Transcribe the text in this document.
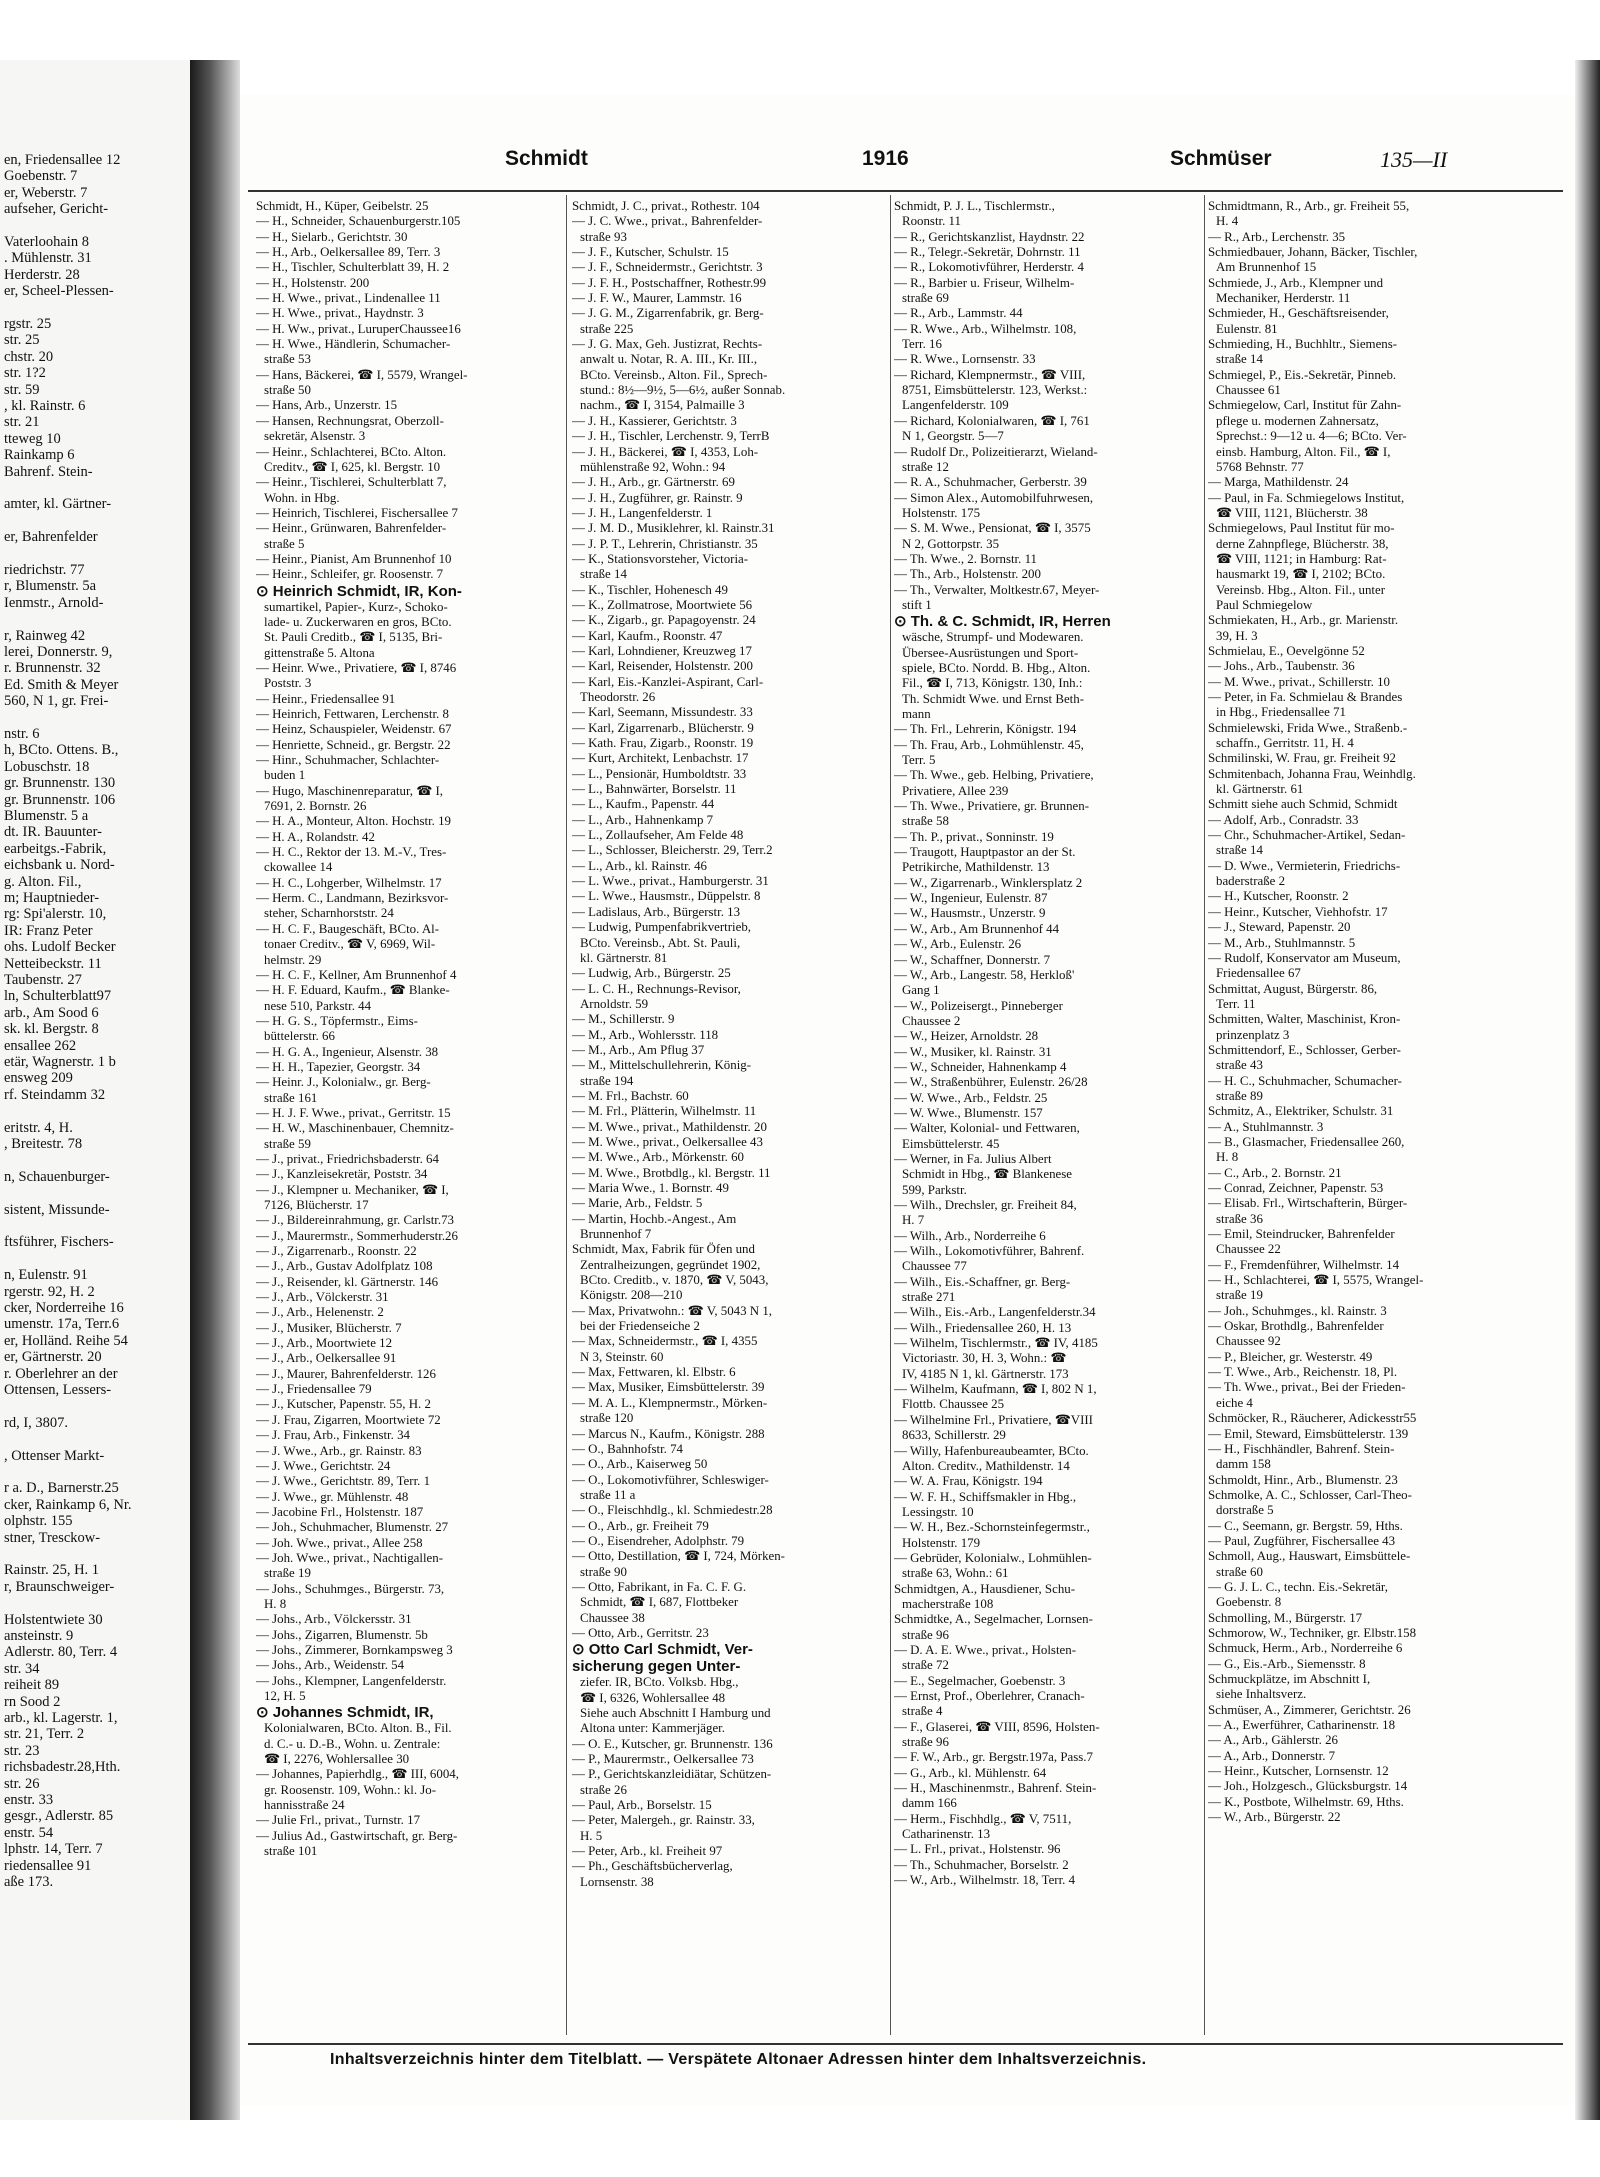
en, Friedensallee 12
Goebenstr. 7
er, Weberstr. 7
aufseher, Gericht-
Vaterloohain 8
. Mühlenstr. 31
Herderstr. 28
er, Scheel-Plessen-
rgstr. 25
str. 25
chstr. 20
str. 1?2
str. 59
, kl. Rainstr. 6
str. 21
tteweg 10
Rainkamp 6
Bahrenf. Stein-
amter, kl. Gärtner-
er, Bahrenfelder
riedrichstr. 77
r, Blumenstr. 5a
Ienmstr., Arnold-
r, Rainweg 42
lerei, Donnerstr. 9,
r. Brunnenstr. 32
Ed. Smith & Meyer
560, N 1, gr. Frei-
nstr. 6
h, BCto. Ottens. B.,
Lobuschstr. 18
gr. Brunnenstr. 130
gr. Brunnenstr. 106
Blumenstr. 5 a
dt. IR. Bauunter-
earbeitgs.-Fabrik,
eichsbank u. Nord-
g. Alton. Fil.,
m; Hauptnieder-
rg: Spi'alerstr. 10,
IR: Franz Peter
ohs. Ludolf Becker
Netteibeckstr. 11
Taubenstr. 27
ln, Schulterblatt97
arb., Am Sood 6
sk. kl. Bergstr. 8
ensallee 262
etär, Wagnerstr. 1 b
ensweg 209
rf. Steindamm 32
eritstr. 4, H.
, Breitestr. 78
n, Schauenburger-
sistent, Missunde-
ftsführer, Fischers-
n, Eulenstr. 91
rgerstr. 92, H. 2
cker, Norderreihe 16
umenstr. 17a, Terr.6
er, Holländ. Reihe 54
er, Gärtnerstr. 20
r. Oberlehrer an der
Ottensen, Lessers-
rd, I, 3807.
, Ottenser Markt-
r a. D., Barnerstr.25
cker, Rainkamp 6, Nr.
olphstr. 155
stner, Tresckow-
Rainstr. 25, H. 1
r, Braunschweiger-
Holstentwiete 30
ansteinstr. 9
Adlerstr. 80, Terr. 4
str. 34
reiheit 89
rn Sood 2
arb., kl. Lagerstr. 1,
str. 21, Terr. 2
str. 23
richsbadestr.28,Hth.
str. 26
enstr. 33
gesgr., Adlerstr. 85
enstr. 54
lphstr. 14, Terr. 7
riedensallee 91
aße 173.
Schmidt	1916	Schmüser	135—II
Schmidt, H., Küper, Geibelstr. 25
— H., Schneider, Schauenburgerstr.105
— H., Sielarb., Gerichtstr. 30
— H., Arb., Oelkersallee 89, Terr. 3
— H., Tischler, Schulterblatt 39, H. 2
— H., Holstenstr. 200
— H. Wwe., privat., Lindenallee 11
— H. Wwe., privat., Haydnstr. 3
— H. Ww., privat., LuruperChaussee16
— H. Wwe., Händlerin, Schumacher-
straße 53
— Hans, Bäckerei, ☎ I, 5579, Wrangel-
straße 50
— Hans, Arb., Unzerstr. 15
— Hansen, Rechnungsrat, Oberzoll-
sekretär, Alsenstr. 3
— Heinr., Schlachterei, BCto. Alton.
Creditv., ☎ I, 625, kl. Bergstr. 10
— Heinr., Tischlerei, Schulterblatt 7,
Wohn. in Hbg.
— Heinrich, Tischlerei, Fischersallee 7
— Heinr., Grünwaren, Bahrenfelder-
straße 5
— Heinr., Pianist, Am Brunnenhof 10
— Heinr., Schleifer, gr. Roosenstr. 7
⊙ Heinrich Schmidt, IR, Kon-
sumartikel, Papier-, Kurz-, Schoko-
lade- u. Zuckerwaren en gros, BCto.
St. Pauli Creditb., ☎ I, 5135, Bri-
gittenstraße 5. Altona
— Heinr. Wwe., Privatiere, ☎ I, 8746
Poststr. 3
— Heinr., Friedensallee 91
— Heinrich, Fettwaren, Lerchenstr. 8
— Heinz, Schauspieler, Weidenstr. 67
— Henriette, Schneid., gr. Bergstr. 22
— Hinr., Schuhmacher, Schlachter-
buden 1
— Hugo, Maschinenreparatur, ☎ I,
7691, 2. Bornstr. 26
— H. A., Monteur, Alton. Hochstr. 19
— H. A., Rolandstr. 42
— H. C., Rektor der 13. M.-V., Tres-
ckowallee 14
— H. C., Lohgerber, Wilhelmstr. 17
— Herm. C., Landmann, Bezirksvor-
steher, Scharnhorststr. 24
— H. C. F., Baugeschäft, BCto. Al-
tonaer Creditv., ☎ V, 6969, Wil-
helmstr. 29
— H. C. F., Kellner, Am Brunnenhof 4
— H. F. Eduard, Kaufm., ☎ Blanke-
nese 510, Parkstr. 44
— H. G. S., Töpfermstr., Eims-
büttelerstr. 66
— H. G. A., Ingenieur, Alsenstr. 38
— H. H., Tapezier, Georgstr. 34
— Heinr. J., Kolonialw., gr. Berg-
straße 161
— H. J. F. Wwe., privat., Gerritstr. 15
— H. W., Maschinenbauer, Chemnitz-
straße 59
— J., privat., Friedrichsbaderstr. 64
— J., Kanzleisekretär, Poststr. 34
— J., Klempner u. Mechaniker, ☎ I,
7126, Blücherstr. 17
— J., Bildereinrahmung, gr. Carlstr.73
— J., Maurermstr., Sommerhuderstr.26
— J., Zigarrenarb., Roonstr. 22
— J., Arb., Gustav Adolfplatz 108
— J., Reisender, kl. Gärtnerstr. 146
— J., Arb., Völckerstr. 31
— J., Arb., Helenenstr. 2
— J., Musiker, Blücherstr. 7
— J., Arb., Moortwiete 12
— J., Arb., Oelkersallee 91
— J., Maurer, Bahrenfelderstr. 126
— J., Friedensallee 79
— J., Kutscher, Papenstr. 55, H. 2
— J. Frau, Zigarren, Moortwiete 72
— J. Frau, Arb., Finkenstr. 34
— J. Wwe., Arb., gr. Rainstr. 83
— J. Wwe., Gerichtstr. 24
— J. Wwe., Gerichtstr. 89, Terr. 1
— J. Wwe., gr. Mühlenstr. 48
— Jacobine Frl., Holstenstr. 187
— Joh., Schuhmacher, Blumenstr. 27
— Joh. Wwe., privat., Allee 258
— Joh. Wwe., privat., Nachtigallen-
straße 19
— Johs., Schuhmges., Bürgerstr. 73,
H. 8
— Johs., Arb., Völckersstr. 31
— Johs., Zigarren, Blumenstr. 5b
— Johs., Zimmerer, Bornkampsweg 3
— Johs., Arb., Weidenstr. 54
— Johs., Klempner, Langenfelderstr.
12, H. 5
⊙ Johannes Schmidt, IR,
Kolonialwaren, BCto. Alton. B., Fil.
d. C.- u. D.-B., Wohn. u. Zentrale:
☎ I, 2276, Wohlersallee 30
— Johannes, Papierhdlg., ☎ III, 6004,
gr. Roosenstr. 109, Wohn.: kl. Jo-
hannisstraße 24
— Julie Frl., privat., Turnstr. 17
— Julius Ad., Gastwirtschaft, gr. Berg-
straße 101
Schmidt, J. C., privat., Rothestr. 104
— J. C. Wwe., privat., Bahrenfelder-
straße 93
— J. F., Kutscher, Schulstr. 15
— J. F., Schneidermstr., Gerichtstr. 3
— J. F. H., Postschaffner, Rothestr.99
— J. F. W., Maurer, Lammstr. 16
— J. G. M., Zigarrenfabrik, gr. Berg-
straße 225
— J. G. Max, Geh. Justizrat, Rechts-
anwalt u. Notar, R. A. III., Kr. III.,
BCto. Vereinsb., Alton. Fil., Sprech-
stund.: 8½—9½, 5—6½, außer Sonnab.
nachm., ☎ I, 3154, Palmaille 3
— J. H., Kassierer, Gerichtstr. 3
— J. H., Tischler, Lerchenstr. 9, TerrB
— J. H., Bäckerei, ☎ I, 4353, Loh-
mühlenstraße 92, Wohn.: 94
— J. H., Arb., gr. Gärtnerstr. 69
— J. H., Zugführer, gr. Rainstr. 9
— J. H., Langenfelderstr. 1
— J. M. D., Musiklehrer, kl. Rainstr.31
— J. P. T., Lehrerin, Christianstr. 35
— K., Stationsvorsteher, Victoria-
straße 14
— K., Tischler, Hohenesch 49
— K., Zollmatrose, Moortwiete 56
— K., Zigarb., gr. Papagoyenstr. 24
— Karl, Kaufm., Roonstr. 47
— Karl, Lohndiener, Kreuzweg 17
— Karl, Reisender, Holstenstr. 200
— Karl, Eis.-Kanzlei-Aspirant, Carl-
Theodorstr. 26
— Karl, Seemann, Missundestr. 33
— Karl, Zigarrenarb., Blücherstr. 9
— Kath. Frau, Zigarb., Roonstr. 19
— Kurt, Architekt, Lenbachstr. 17
— L., Pensionär, Humboldtstr. 33
— L., Bahnwärter, Borselstr. 11
— L., Kaufm., Papenstr. 44
— L., Arb., Hahnenkamp 7
— L., Zollaufseher, Am Felde 48
— L., Schlosser, Bleicherstr. 29, Terr.2
— L., Arb., kl. Rainstr. 46
— L. Wwe., privat., Hamburgerstr. 31
— L. Wwe., Hausmstr., Düppelstr. 8
— Ladislaus, Arb., Bürgerstr. 13
— Ludwig, Pumpenfabrikvertrieb,
BCto. Vereinsb., Abt. St. Pauli,
kl. Gärtnerstr. 81
— Ludwig, Arb., Bürgerstr. 25
— L. C. H., Rechnungs-Revisor,
Arnoldstr. 59
— M., Schillerstr. 9
— M., Arb., Wohlersstr. 118
— M., Arb., Am Pflug 37
— M., Mittelschullehrerin, König-
straße 194
— M. Frl., Bachstr. 60
— M. Frl., Plätterin, Wilhelmstr. 11
— M. Wwe., privat., Mathildenstr. 20
— M. Wwe., privat., Oelkersallee 43
— M. Wwe., Arb., Mörkenstr. 60
— M. Wwe., Brotbdlg., kl. Bergstr. 11
— Maria Wwe., 1. Bornstr. 49
— Marie, Arb., Feldstr. 5
— Martin, Hochb.-Angest., Am
Brunnenhof 7
Schmidt, Max, Fabrik für Öfen und
Zentralheizungen, gegründet 1902,
BCto. Creditb., v. 1870, ☎ V, 5043,
Königstr. 208—210
— Max, Privatwohn.: ☎ V, 5043 N 1,
bei der Friedenseiche 2
— Max, Schneidermstr., ☎ I, 4355
N 3, Steinstr. 60
— Max, Fettwaren, kl. Elbstr. 6
— Max, Musiker, Eimsbüttelerstr. 39
— M. A. L., Klempnermstr., Mörken-
straße 120
— Marcus N., Kaufm., Königstr. 288
— O., Bahnhofstr. 74
— O., Arb., Kaiserweg 50
— O., Lokomotivführer, Schleswiger-
straße 11 a
— O., Fleischhdlg., kl. Schmiedestr.28
— O., Arb., gr. Freiheit 79
— O., Eisendreher, Adolphstr. 79
— Otto, Destillation, ☎ I, 724, Mörken-
straße 90
— Otto, Fabrikant, in Fa. C. F. G.
Schmidt, ☎ I, 687, Flottbeker
Chaussee 38
— Otto, Arb., Gerritstr. 23
⊙ Otto Carl Schmidt, Ver-
sicherung gegen Unter-
ziefer. IR, BCto. Volksb. Hbg.,
☎ I, 6326, Wohlersallee 48
Siehe auch Abschnitt I Hamburg und
Altona unter: Kammerjäger.
— O. E., Kutscher, gr. Brunnenstr. 136
— P., Maurermstr., Oelkersallee 73
— P., Gerichtskanzleidiätar, Schützen-
straße 26
— Paul, Arb., Borselstr. 15
— Peter, Malergeh., gr. Rainstr. 33,
H. 5
— Peter, Arb., kl. Freiheit 97
— Ph., Geschäftsbücherverlag,
Lornsenstr. 38
Schmidt, P. J. L., Tischlermstr.,
Roonstr. 11
— R., Gerichtskanzlist, Haydnstr. 22
— R., Telegr.-Sekretär, Dohrnstr. 11
— R., Lokomotivführer, Herderstr. 4
— R., Barbier u. Friseur, Wilhelm-
straße 69
— R., Arb., Lammstr. 44
— R. Wwe., Arb., Wilhelmstr. 108,
Terr. 16
— R. Wwe., Lornsenstr. 33
— Richard, Klempnermstr., ☎ VIII,
8751, Eimsbüttelerstr. 123, Werkst.:
Langenfelderstr. 109
— Richard, Kolonialwaren, ☎ I, 761
N 1, Georgstr. 5—7
— Rudolf Dr., Polizeitierarzt, Wieland-
straße 12
— R. A., Schuhmacher, Gerberstr. 39
— Simon Alex., Automobilfuhrwesen,
Holstenstr. 175
— S. M. Wwe., Pensionat, ☎ I, 3575
N 2, Gottorpstr. 35
— Th. Wwe., 2. Bornstr. 11
— Th., Arb., Holstenstr. 200
— Th., Verwalter, Moltkestr.67, Meyer-
stift 1
⊙ Th. & C. Schmidt, IR, Herren
wäsche, Strumpf- und Modewaren.
Übersee-Ausrüstungen und Sport-
spiele, BCto. Nordd. B. Hbg., Alton.
Fil., ☎ I, 713, Königstr. 130, Inh.:
Th. Schmidt Wwe. und Ernst Beth-
mann
— Th. Frl., Lehrerin, Königstr. 194
— Th. Frau, Arb., Lohmühlenstr. 45,
Terr. 5
— Th. Wwe., geb. Helbing, Privatiere,
Privatiere, Allee 239
— Th. Wwe., Privatiere, gr. Brunnen-
straße 58
— Th. P., privat., Sonninstr. 19
— Traugott, Hauptpastor an der St.
Petrikirche, Mathildenstr. 13
— W., Zigarrenarb., Winklersplatz 2
— W., Ingenieur, Eulenstr. 87
— W., Hausmstr., Unzerstr. 9
— W., Arb., Am Brunnenhof 44
— W., Arb., Eulenstr. 26
— W., Schaffner, Donnerstr. 7
— W., Arb., Langestr. 58, Herkloß'
Gang 1
— W., Polizeisergt., Pinneberger
Chaussee 2
— W., Heizer, Arnoldstr. 28
— W., Musiker, kl. Rainstr. 31
— W., Schneider, Hahnenkamp 4
— W., Straßenbührer, Eulenstr. 26/28
— W. Wwe., Arb., Feldstr. 25
— W. Wwe., Blumenstr. 157
— Walter, Kolonial- und Fettwaren,
Eimsbüttelerstr. 45
— Werner, in Fa. Julius Albert
Schmidt in Hbg., ☎ Blankenese
599, Parkstr.
— Wilh., Drechsler, gr. Freiheit 84,
H. 7
— Wilh., Arb., Norderreihe 6
— Wilh., Lokomotivführer, Bahrenf.
Chaussee 77
— Wilh., Eis.-Schaffner, gr. Berg-
straße 271
— Wilh., Eis.-Arb., Langenfelderstr.34
— Wilh., Friedensallee 260, H. 13
— Wilhelm, Tischlermstr., ☎ IV, 4185
Victoriastr. 30, H. 3, Wohn.: ☎
IV, 4185 N 1, kl. Gärtnerstr. 173
— Wilhelm, Kaufmann, ☎ I, 802 N 1,
Flottb. Chaussee 25
— Wilhelmine Frl., Privatiere, ☎VIII
8633, Schillerstr. 29
— Willy, Hafenbureaubeamter, BCto.
Alton. Creditv., Mathildenstr. 14
— W. A. Frau, Königstr. 194
— W. F. H., Schiffsmakler in Hbg.,
Lessingstr. 10
— W. H., Bez.-Schornsteinfegermstr.,
Holstenstr. 179
— Gebrüder, Kolonialw., Lohmühlen-
straße 63, Wohn.: 61
Schmidtgen, A., Hausdiener, Schu-
macherstraße 108
Schmidtke, A., Segelmacher, Lornsen-
straße 96
— D. A. E. Wwe., privat., Holsten-
straße 72
— E., Segelmacher, Goebenstr. 3
— Ernst, Prof., Oberlehrer, Cranach-
straße 4
— F., Glaserei, ☎ VIII, 8596, Holsten-
straße 96
— F. W., Arb., gr. Bergstr.197a, Pass.7
— G., Arb., kl. Mühlenstr. 64
— H., Maschinenmstr., Bahrenf. Stein-
damm 166
— Herm., Fischhdlg., ☎ V, 7511,
Catharinenstr. 13
— L. Frl., privat., Holstenstr. 96
— Th., Schuhmacher, Borselstr. 2
— W., Arb., Wilhelmstr. 18, Terr. 4
Schmidtmann, R., Arb., gr. Freiheit 55,
H. 4
— R., Arb., Lerchenstr. 35
Schmiedbauer, Johann, Bäcker, Tischler,
Am Brunnenhof 15
Schmiede, J., Arb., Klempner und
Mechaniker, Herderstr. 11
Schmieder, H., Geschäftsreisender,
Eulenstr. 81
Schmieding, H., Buchhltr., Siemens-
straße 14
Schmiegel, P., Eis.-Sekretär, Pinneb.
Chaussee 61
Schmiegelow, Carl, Institut für Zahn-
pflege u. modernen Zahnersatz,
Sprechst.: 9—12 u. 4—6; BCto. Ver-
einsb. Hamburg, Alton. Fil., ☎ I,
5768 Behnstr. 77
— Marga, Mathildenstr. 24
— Paul, in Fa. Schmiegelows Institut,
☎ VIII, 1121, Blücherstr. 38
Schmiegelows, Paul Institut für mo-
derne Zahnpflege, Blücherstr. 38,
☎ VIII, 1121; in Hamburg: Rat-
hausmarkt 19, ☎ I, 2102; BCto.
Vereinsb. Hbg., Alton. Fil., unter
Paul Schmiegelow
Schmiekaten, H., Arb., gr. Marienstr.
39, H. 3
Schmielau, E., Oevelgönne 52
— Johs., Arb., Taubenstr. 36
— M. Wwe., privat., Schillerstr. 10
— Peter, in Fa. Schmielau & Brandes
in Hbg., Friedensallee 71
Schmielewski, Frida Wwe., Straßenb.-
schaffn., Gerritstr. 11, H. 4
Schmilinski, W. Frau, gr. Freiheit 92
Schmitenbach, Johanna Frau, Weinhdlg.
kl. Gärtnerstr. 61
Schmitt siehe auch Schmid, Schmidt
— Adolf, Arb., Conradstr. 33
— Chr., Schuhmacher-Artikel, Sedan-
straße 14
— D. Wwe., Vermieterin, Friedrichs-
baderstraße 2
— H., Kutscher, Roonstr. 2
— Heinr., Kutscher, Viehhofstr. 17
— J., Steward, Papenstr. 20
— M., Arb., Stuhlmannstr. 5
— Rudolf, Konservator am Museum,
Friedensallee 67
Schmittat, August, Bürgerstr. 86,
Terr. 11
Schmitten, Walter, Maschinist, Kron-
prinzenplatz 3
Schmittendorf, E., Schlosser, Gerber-
straße 43
— H. C., Schuhmacher, Schumacher-
straße 89
Schmitz, A., Elektriker, Schulstr. 31
— A., Stuhlmannstr. 3
— B., Glasmacher, Friedensallee 260,
H. 8
— C., Arb., 2. Bornstr. 21
— Conrad, Zeichner, Papenstr. 53
— Elisab. Frl., Wirtschafterin, Bürger-
straße 36
— Emil, Steindrucker, Bahrenfelder
Chaussee 22
— F., Fremdenführer, Wilhelmstr. 14
— H., Schlachterei, ☎ I, 5575, Wrangel-
straße 19
— Joh., Schuhmges., kl. Rainstr. 3
— Oskar, Brothdlg., Bahrenfelder
Chaussee 92
— P., Bleicher, gr. Westerstr. 49
— T. Wwe., Arb., Reichenstr. 18, Pl.
— Th. Wwe., privat., Bei der Frieden-
eiche 4
Schmöcker, R., Räucherer, Adickesstr55
— Emil, Steward, Eimsbüttelerstr. 139
— H., Fischhändler, Bahrenf. Stein-
damm 158
Schmoldt, Hinr., Arb., Blumenstr. 23
Schmolke, A. C., Schlosser, Carl-Theo-
dorstraße 5
— C., Seemann, gr. Bergstr. 59, Hths.
— Paul, Zugführer, Fischersallee 43
Schmoll, Aug., Hauswart, Eimsbüttele-
straße 60
— G. J. L. C., techn. Eis.-Sekretär,
Goebenstr. 8
Schmolling, M., Bürgerstr. 17
Schmorow, W., Techniker, gr. Elbstr.158
Schmuck, Herm., Arb., Norderreihe 6
— G., Eis.-Arb., Siemensstr. 8
Schmuckplätze, im Abschnitt I,
siehe Inhaltsverz.
Schmüser, A., Zimmerer, Gerichtstr. 26
— A., Ewerführer, Catharinenstr. 18
— A., Arb., Gählerstr. 26
— A., Arb., Donnerstr. 7
— Heinr., Kutscher, Lornsenstr. 12
— Joh., Holzgesch., Glücksburgstr. 14
— K., Postbote, Wilhelmstr. 69, Hths.
— W., Arb., Bürgerstr. 22
Inhaltsverzeichnis hinter dem Titelblatt. — Verspätete Altonaer Adressen hinter dem Inhaltsverzeichnis.
